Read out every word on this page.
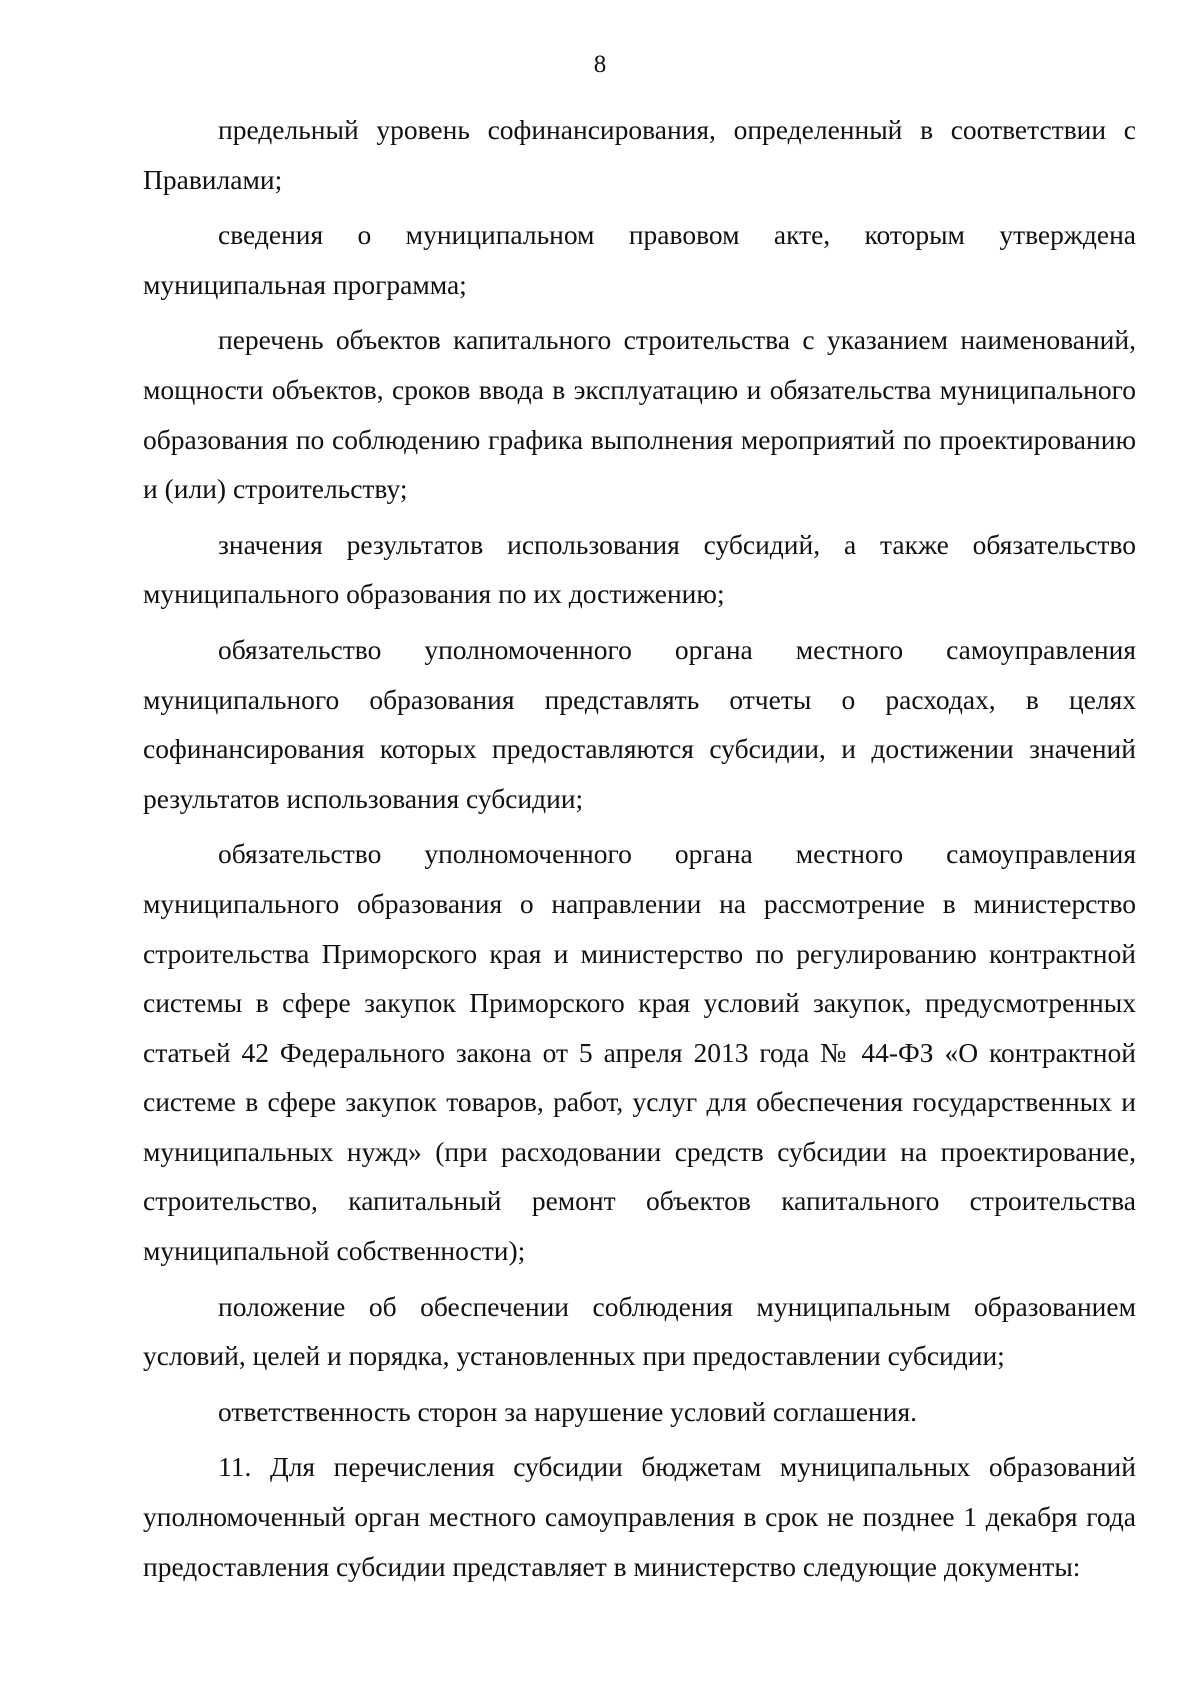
8

предельный уровень софинансирования, определенный в соответствии с Правилами;

сведения о муниципальном правовом акте, которым утверждена муниципальная программа;

перечень объектов капитального строительства с указанием наименований, мощности объектов, сроков ввода в эксплуатацию и обязательства муниципального образования по соблюдению графика выполнения мероприятий по проектированию и (или) строительству;

значения результатов использования субсидий, а также обязательство муниципального образования по их достижению;

обязательство уполномоченного органа местного самоуправления муниципального образования представлять отчеты о расходах, в целях софинансирования которых предоставляются субсидии, и достижении значений результатов использования субсидии;

обязательство уполномоченного органа местного самоуправления муниципального образования о направлении на рассмотрение в министерство строительства Приморского края и министерство по регулированию контрактной системы в сфере закупок Приморского края условий закупок, предусмотренных статьей 42 Федерального закона от 5 апреля 2013 года № 44-ФЗ «О контрактной системе в сфере закупок товаров, работ, услуг для обеспечения государственных и муниципальных нужд» (при расходовании средств субсидии на проектирование, строительство, капитальный ремонт объектов капитального строительства муниципальной собственности);

положение об обеспечении соблюдения муниципальным образованием условий, целей и порядка, установленных при предоставлении субсидии;

ответственность сторон за нарушение условий соглашения.

11. Для перечисления субсидии бюджетам муниципальных образований уполномоченный орган местного самоуправления в срок не позднее 1 декабря года предоставления субсидии представляет в министерство следующие документы:
